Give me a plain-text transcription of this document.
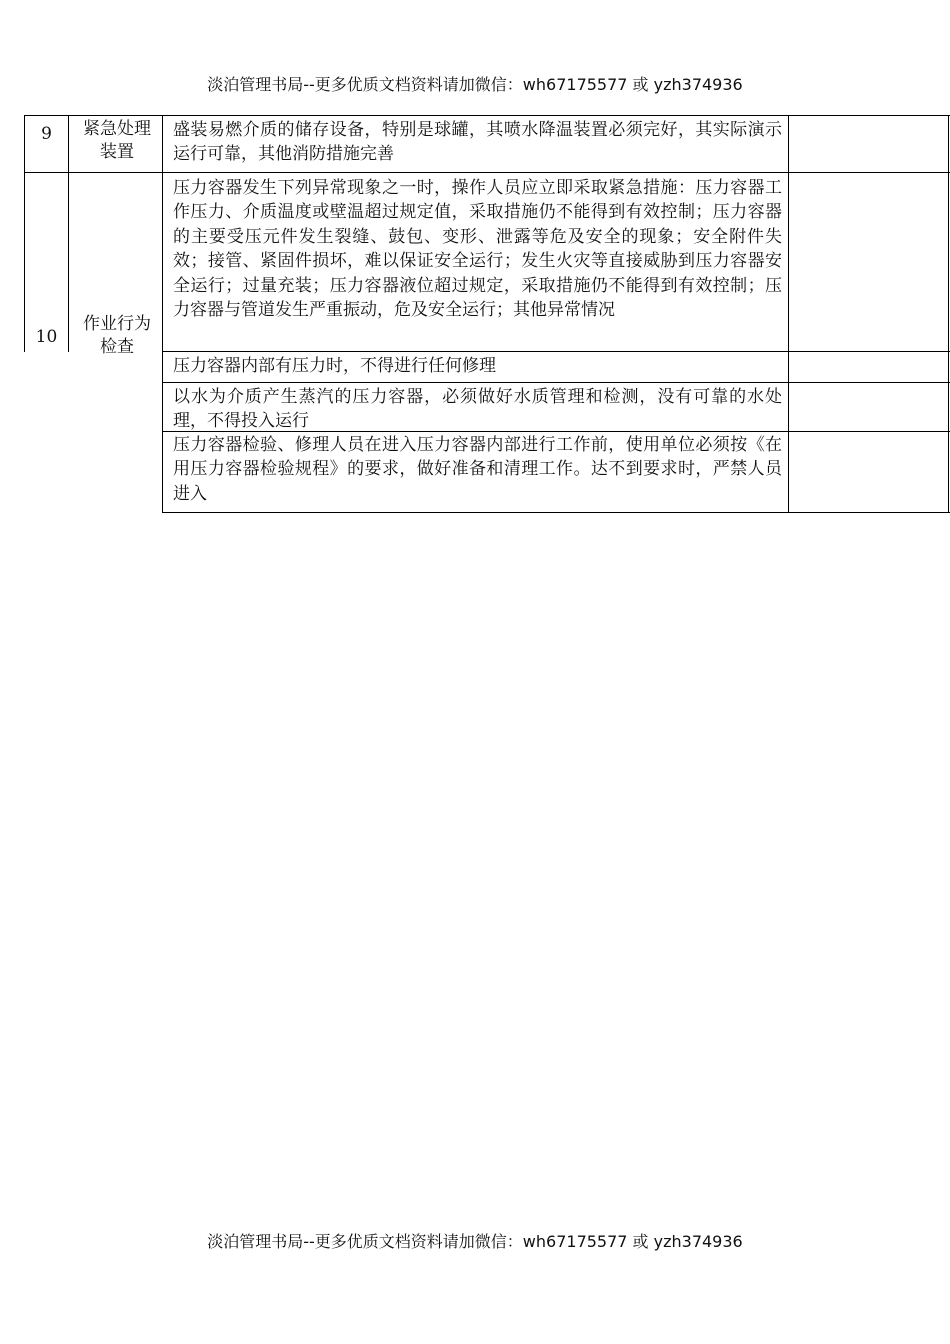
淡泊管理书局--更多优质文档资料请加微信：wh67175577 或 yzh374936
9	紧急处理装置
盛装易燃介质的储存设备，特别是球罐，其喷水降温装置必须完好，其实际演示运行可靠，其他消防措施完善
10
作业行为检查
压力容器发生下列异常现象之一时，操作人员应立即采取紧急措施：压力容器工作压力、介质温度或壁温超过规定值，采取措施仍不能得到有效控制；压力容器的主要受压元件发生裂缝、鼓包、变形、泄露等危及安全的现象；安全附件失效；接管、紧固件损坏，难以保证安全运行；发生火灾等直接威胁到压力容器安全运行；过量充装；压力容器液位超过规定，采取措施仍不能得到有效控制；压力容器与管道发生严重振动，危及安全运行；其他异常情况
压力容器内部有压力时，不得进行任何修理
以水为介质产生蒸汽的压力容器，必须做好水质管理和检测，没有可靠的水处理，不得投入运行
压力容器检验、修理人员在进入压力容器内部进行工作前，使用单位必须按《在用压力容器检验规程》的要求，做好准备和清理工作。达不到要求时，严禁人员进入
淡泊管理书局--更多优质文档资料请加微信：wh67175577 或 yzh374936
